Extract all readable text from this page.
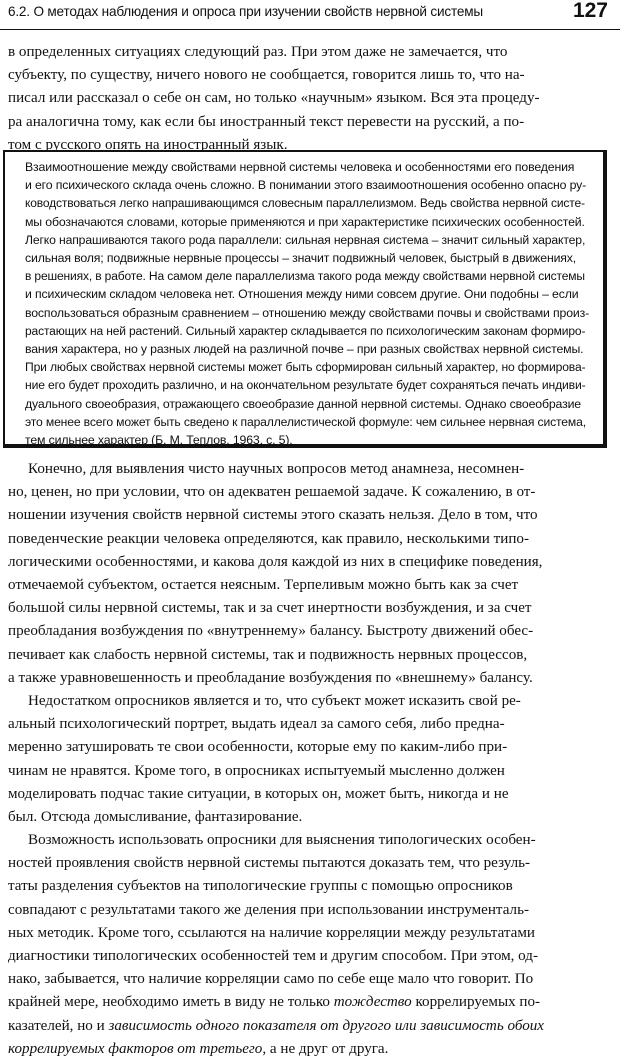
6.2. О методах наблюдения и опроса при изучении свойств нервной системы	127
в определенных ситуациях следующий раз. При этом даже не замечается, что
субъекту, по существу, ничего нового не сообщается, говорится лишь то, что на-
писал или рассказал о себе он сам, но только «научным» языком. Вся эта процеду-
ра аналогична тому, как если бы иностранный текст перевести на русский, а по-
том с русского опять на иностранный язык.
Взаимоотношение между свойствами нервной системы человека и особенностями его поведения
и его психического склада очень сложно. В понимании этого взаимоотношения особенно опасно ру-
ководствоваться легко напрашивающимся словесным параллелизмом. Ведь свойства нервной систе-
мы обозначаются словами, которые применяются и при характеристике психических особенностей.
Легко напрашиваются такого рода параллели: сильная нервная система – значит сильный характер,
сильная воля; подвижные нервные процессы – значит подвижный человек, быстрый в движениях,
в решениях, в работе. На самом деле параллелизма такого рода между свойствами нервной системы
и психическим складом человека нет. Отношения между ними совсем другие. Они подобны – если
воспользоваться образным сравнением – отношению между свойствами почвы и свойствами произ-
растающих на ней растений. Сильный характер складывается по психологическим законам формиро-
вания характера, но у разных людей на различной почве – при разных свойствах нервной системы.
При любых свойствах нервной системы может быть сформирован сильный характер, но формирова-
ние его будет проходить различно, и на окончательном результате будет сохраняться печать индиви-
дуального своеобразия, отражающего своеобразие данной нервной системы. Однако своеобразие
это менее всего может быть сведено к параллелистической формуле: чем сильнее нервная система,
тем сильнее характер (Б. М. Теплов, 1963, с. 5).
Конечно, для выявления чисто научных вопросов метод анамнеза, несомнен-
но, ценен, но при условии, что он адекватен решаемой задаче. К сожалению, в от-
ношении изучения свойств нервной системы этого сказать нельзя. Дело в том, что
поведенческие реакции человека определяются, как правило, несколькими типо-
логическими особенностями, и какова доля каждой из них в специфике поведения,
отмечаемой субъектом, остается неясным. Терпеливым можно быть как за счет
большой силы нервной системы, так и за счет инертности возбуждения, и за счет
преобладания возбуждения по «внутреннему» балансу. Быстроту движений обес-
печивает как слабость нервной системы, так и подвижность нервных процессов,
а также уравновешенность и преобладание возбуждения по «внешнему» балансу.
Недостатком опросников является и то, что субъект может исказить свой ре-
альный психологический портрет, выдать идеал за самого себя, либо предна-
меренно затушировать те свои особенности, которые ему по каким-либо при-
чинам не нравятся. Кроме того, в опросниках испытуемый мысленно должен
моделировать подчас такие ситуации, в которых он, может быть, никогда и не
был. Отсюда домысливание, фантазирование.
Возможность использовать опросники для выяснения типологических особен-
ностей проявления свойств нервной системы пытаются доказать тем, что резуль-
таты разделения субъектов на типологические группы с помощью опросников
совпадают с результатами такого же деления при использовании инструменталь-
ных методик. Кроме того, ссылаются на наличие корреляции между результатами
диагностики типологических особенностей тем и другим способом. При этом, од-
нако, забывается, что наличие корреляции само по себе еще мало что говорит. По
крайней мере, необходимо иметь в виду не только тождество коррелируемых по-
казателей, но и зависимость одного показателя от другого или зависимость обоих
коррелируемых факторов от третьего, а не друг от друга.
